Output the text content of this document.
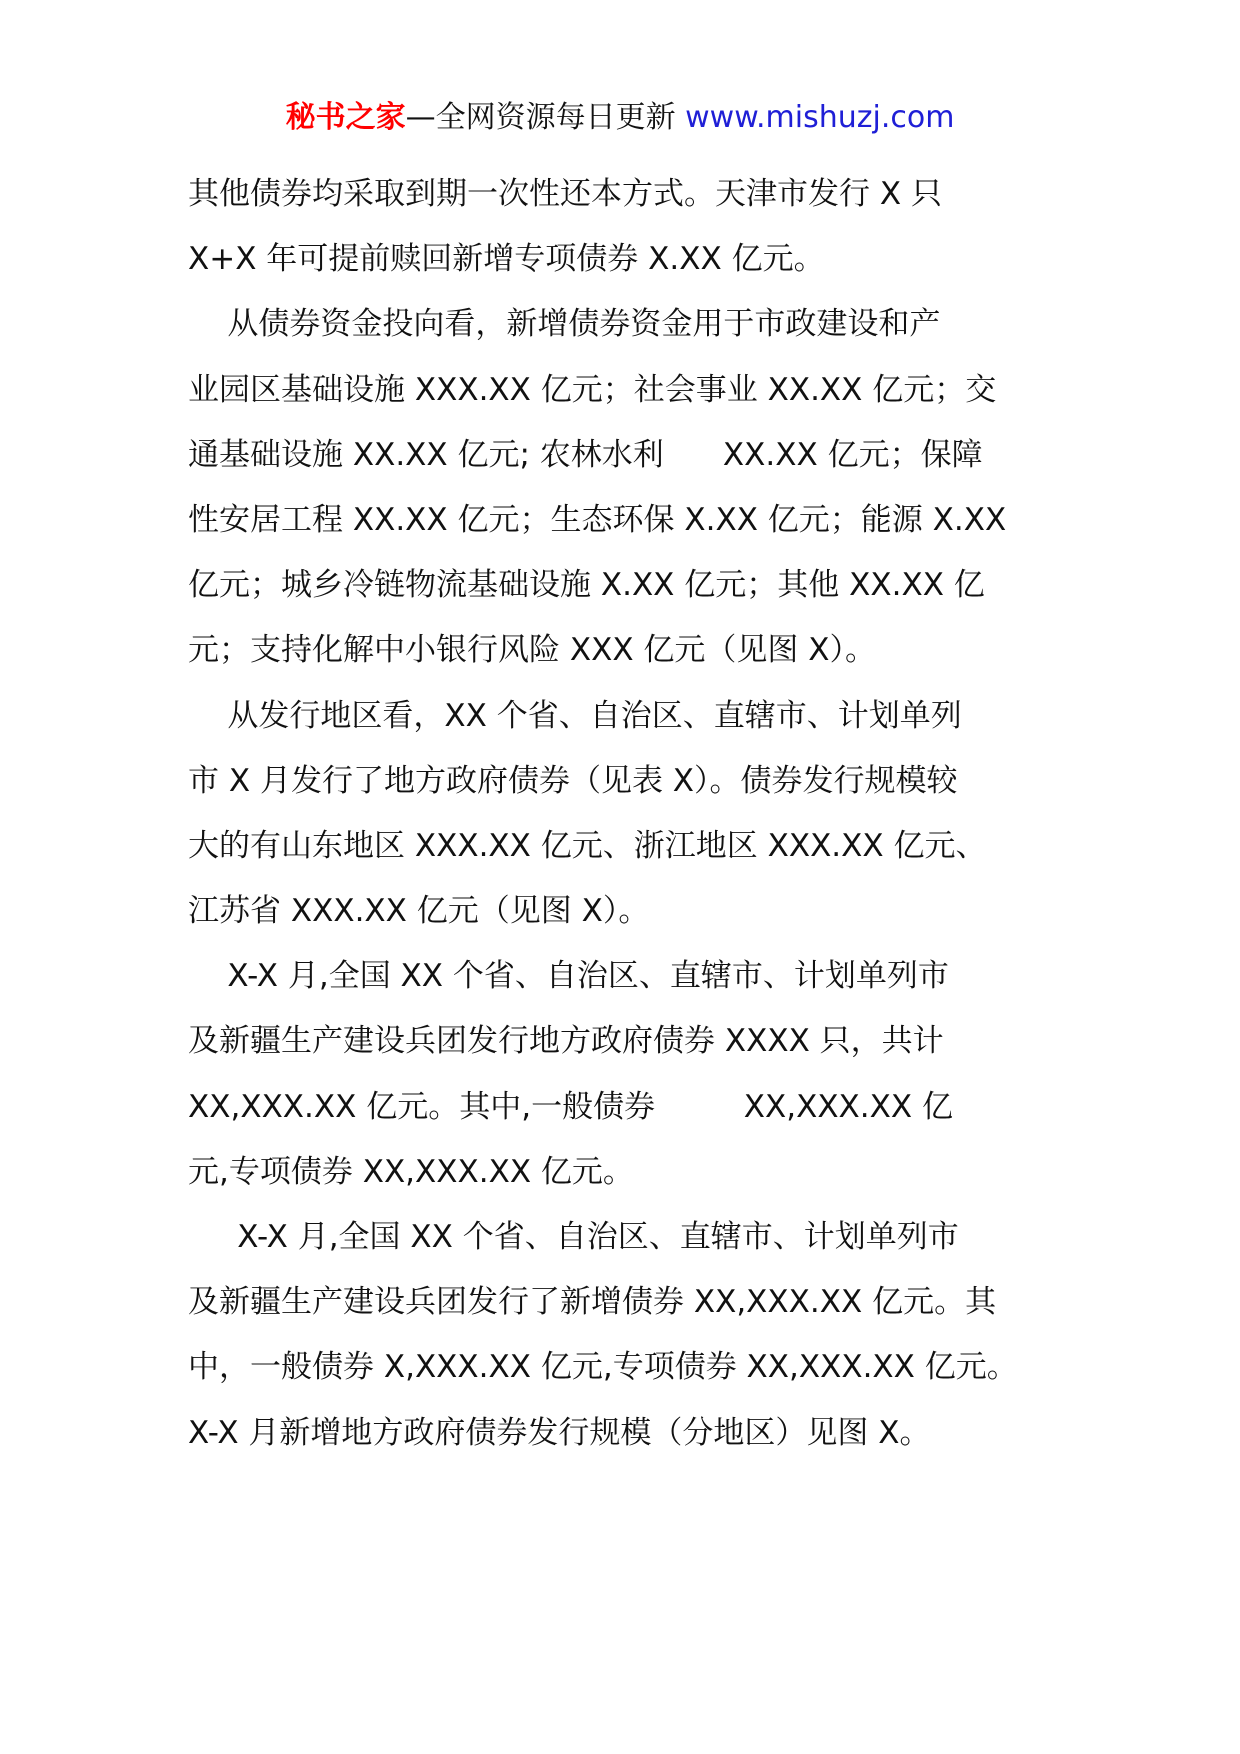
秘书之家—全网资源每日更新 www.mishuzj.com
其他债券均采取到期一次性还本方式。天津市发行 X 只
X+X 年可提前赎回新增专项债券 X.XX 亿元。
从债券资金投向看，新增债券资金用于市政建设和产
业园区基础设施 XXX.XX 亿元；社会事业 XX.XX 亿元；交
通基础设施 XX.XX 亿元; 农林水利      XX.XX 亿元；保障
性安居工程 XX.XX 亿元；生态环保 X.XX 亿元；能源 X.XX
亿元；城乡冷链物流基础设施 X.XX 亿元；其他 XX.XX 亿
元；支持化解中小银行风险 XXX 亿元（见图 X）。
从发行地区看，XX 个省、自治区、直辖市、计划单列
市 X 月发行了地方政府债券（见表 X）。债券发行规模较
大的有山东地区 XXX.XX 亿元、浙江地区 XXX.XX 亿元、
江苏省 XXX.XX 亿元（见图 X）。
X-X 月,全国 XX 个省、自治区、直辖市、计划单列市
及新疆生产建设兵团发行地方政府债券 XXXX 只，共计
XX,XXX.XX 亿元。其中,一般债券         XX,XXX.XX 亿
元,专项债券 XX,XXX.XX 亿元。
X-X 月,全国 XX 个省、自治区、直辖市、计划单列市
及新疆生产建设兵团发行了新增债券 XX,XXX.XX 亿元。其
中，一般债券 X,XXX.XX 亿元,专项债券 XX,XXX.XX 亿元。
X-X 月新增地方政府债券发行规模（分地区）见图 X。
